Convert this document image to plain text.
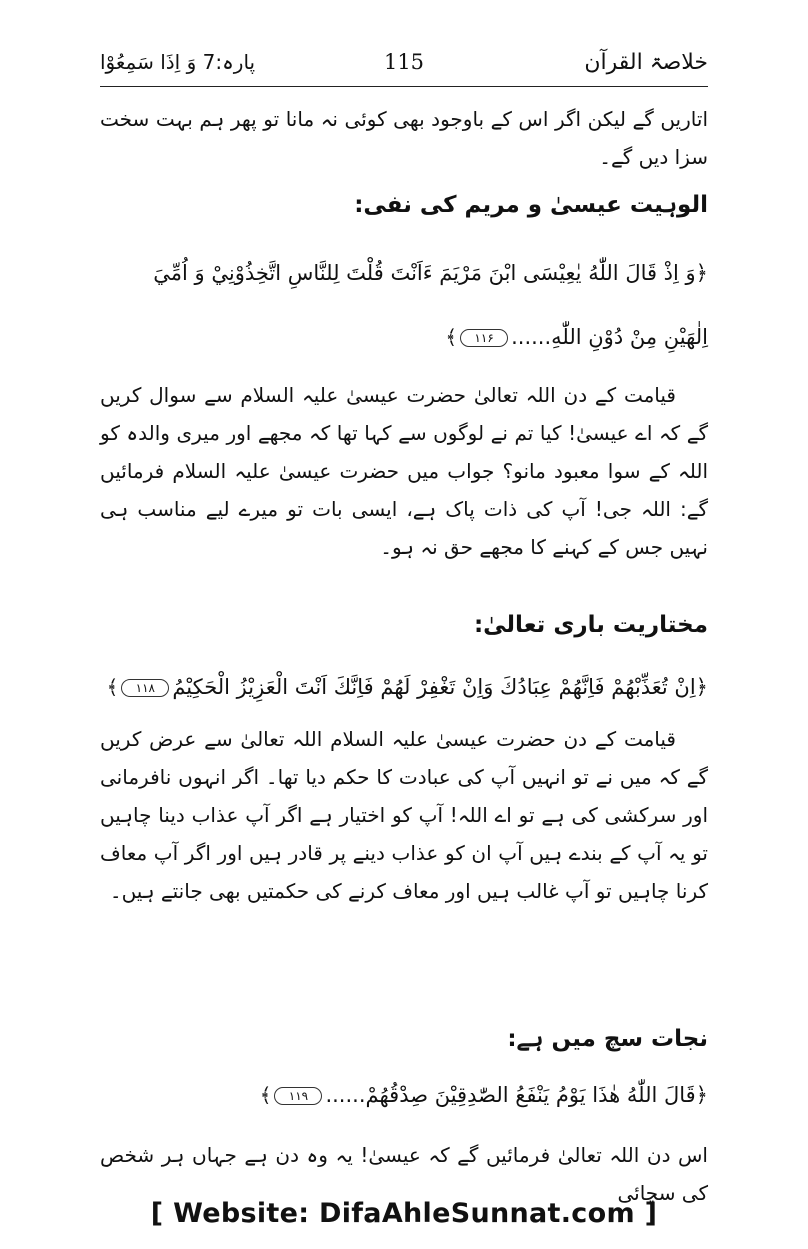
خلاصۃ القرآن
115
پارہ:7 وَ اِذَا سَمِعُوْا
اتاریں گے لیکن اگر اس کے باوجود بھی کوئی نہ مانا تو پھر ہم بہت سخت سزا دیں گے۔
الوہیت عیسیٰ و مریم کی نفی:
﴿وَ اِذْ قَالَ اللّٰهُ يٰعِيْسَى ابْنَ مَرْيَمَ ءَاَنْتَ قُلْتَ لِلنَّاسِ اتَّخِذُوْنِيْ وَ اُمِّيَ
اِلٰهَيْنِ مِنْ دُوْنِ اللّٰهِ......۱۱۶﴾
قیامت کے دن اللہ تعالیٰ حضرت عیسیٰ علیہ السلام سے سوال کریں گے کہ اے عیسیٰ! کیا تم نے لوگوں سے کہا تھا کہ مجھے اور میری والدہ کو اللہ کے سوا معبود مانو؟ جواب میں حضرت عیسیٰ علیہ السلام فرمائیں گے: اللہ جی! آپ کی ذات پاک ہے، ایسی بات تو میرے لیے مناسب ہی نہیں جس کے کہنے کا مجھے حق نہ ہو۔
مختاریت باری تعالیٰ:
﴿اِنْ تُعَذِّبْهُمْ فَاِنَّهُمْ عِبَادُكَ وَاِنْ تَغْفِرْ لَهُمْ فَاِنَّكَ اَنْتَ الْعَزِيْزُ الْحَكِيْمُ۱۱۸﴾
قیامت کے دن حضرت عیسیٰ علیہ السلام اللہ تعالیٰ سے عرض کریں گے کہ میں نے تو انہیں آپ کی عبادت کا حکم دیا تھا۔ اگر انہوں نافرمانی اور سرکشی کی ہے تو اے اللہ! آپ کو اختیار ہے اگر آپ عذاب دینا چاہیں تو یہ آپ کے بندے ہیں آپ ان کو عذاب دینے پر قادر ہیں اور اگر آپ معاف کرنا چاہیں تو آپ غالب ہیں اور معاف کرنے کی حکمتیں بھی جانتے ہیں۔
نجات سچ میں ہے:
﴿قَالَ اللّٰهُ هٰذَا يَوْمُ يَنْفَعُ الصّٰدِقِيْنَ صِدْقُهُمْ......۱۱۹﴾
اس دن اللہ تعالیٰ فرمائیں گے کہ عیسیٰ! یہ وہ دن ہے جہاں ہر شخص کی سچائی
[ Website: DifaAhleSunnat.com ]
